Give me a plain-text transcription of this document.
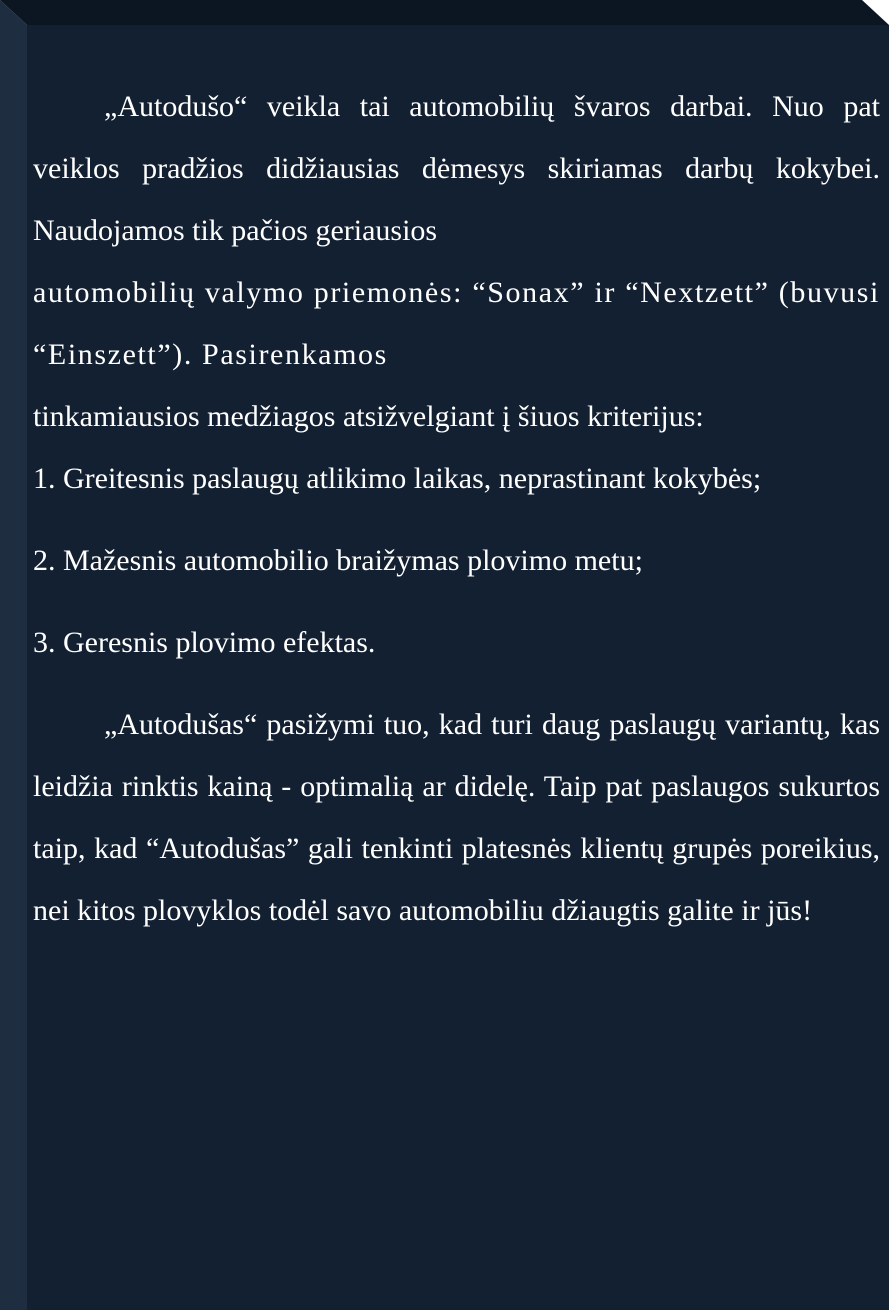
„Autodušo“ veikla tai automobilių švaros darbai. Nuo pat veiklos pradžios didžiausias dėmesys skiriamas darbų kokybei. Naudojamos tik pačios geriausios

automobilių valymo priemonės: “Sonax” ir “Nextzett” (buvusi “Einszett”). Pasirenkamos

tinkamiausios medžiagos atsižvelgiant į šiuos kriterijus:

1. Greitesnis paslaugų atlikimo laikas, neprastinant kokybės;

2. Mažesnis automobilio braižymas plovimo metu;

3. Geresnis plovimo efektas.

„Autodušas“ pasižymi tuo, kad turi daug paslaugų variantų, kas leidžia rinktis kainą - optimalią ar didelę. Taip pat paslaugos sukurtos taip, kad “Autodušas” gali tenkinti platesnės klientų grupės poreikius, nei kitos plovyklos todėl savo automobiliu džiaugtis galite ir jūs!
